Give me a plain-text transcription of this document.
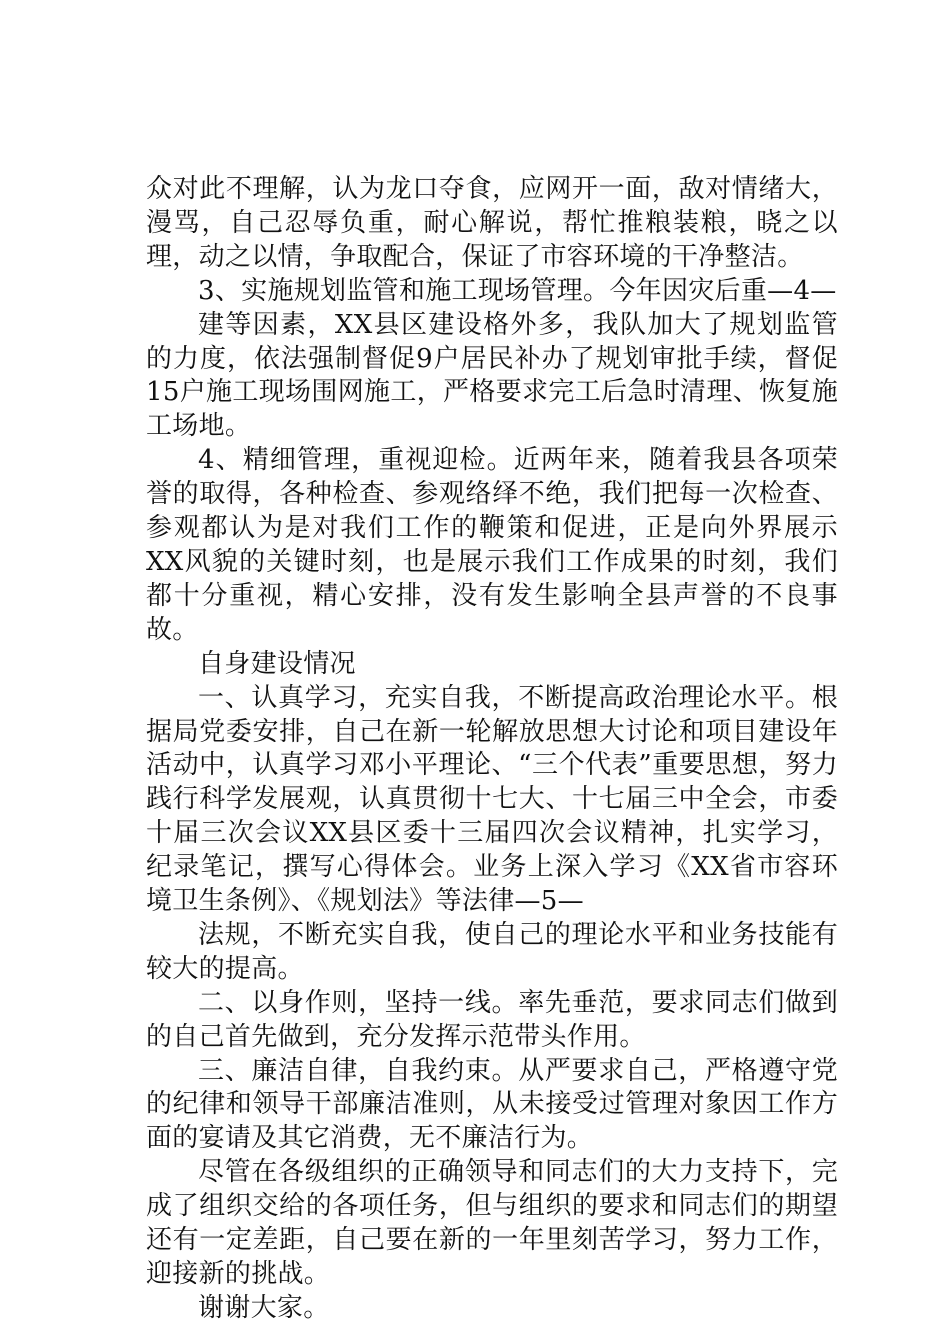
众对此不理解，认为龙口夺食，应网开一面，敌对情绪大，漫骂，自己忍辱负重，耐心解说，帮忙推粮装粮，晓之以理，动之以情，争取配合，保证了市容环境的干净整洁。

3、实施规划监管和施工现场管理。今年因灾后重—4—

建等因素，XX县区建设格外多，我队加大了规划监管的力度，依法强制督促9户居民补办了规划审批手续，督促15户施工现场围网施工，严格要求完工后急时清理、恢复施工场地。

4、精细管理，重视迎检。近两年来，随着我县各项荣誉的取得，各种检查、参观络绎不绝，我们把每一次检查、参观都认为是对我们工作的鞭策和促进，正是向外界展示XX风貌的关键时刻，也是展示我们工作成果的时刻，我们都十分重视，精心安排，没有发生影响全县声誉的不良事故。

自身建设情况

一、认真学习，充实自我，不断提高政治理论水平。根据局党委安排，自己在新一轮解放思想大讨论和项目建设年活动中，认真学习邓小平理论、“三个代表”重要思想，努力践行科学发展观，认真贯彻十七大、十七届三中全会，市委十届三次会议XX县区委十三届四次会议精神，扎实学习，纪录笔记，撰写心得体会。业务上深入学习《XX省市容环境卫生条例》、《规划法》等法律—5—

法规，不断充实自我，使自己的理论水平和业务技能有较大的提高。

二、以身作则，坚持一线。率先垂范，要求同志们做到的自己首先做到，充分发挥示范带头作用。

三、廉洁自律，自我约束。从严要求自己，严格遵守党的纪律和领导干部廉洁准则，从未接受过管理对象因工作方面的宴请及其它消费，无不廉洁行为。

尽管在各级组织的正确领导和同志们的大力支持下，完成了组织交给的各项任务，但与组织的要求和同志们的期望还有一定差距，自己要在新的一年里刻苦学习，努力工作，迎接新的挑战。

谢谢大家。
